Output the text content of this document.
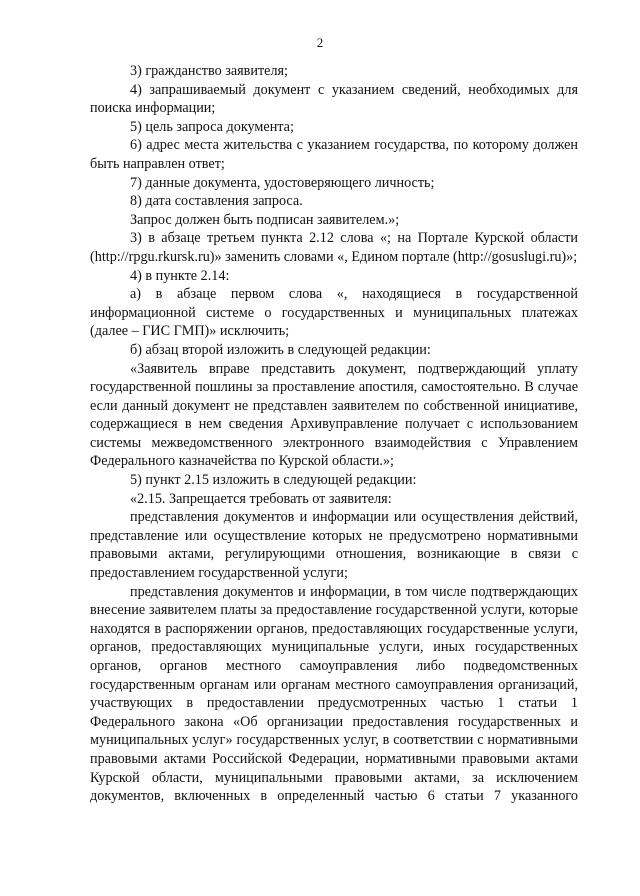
2

3) гражданство заявителя;

4) запрашиваемый документ с указанием сведений, необходимых для поиска информации;

5) цель запроса документа;

6) адрес места жительства с указанием государства, по которому должен быть направлен ответ;

7) данные документа, удостоверяющего личность;

8) дата составления запроса.

Запрос должен быть подписан заявителем.»;

3) в абзаце третьем пункта 2.12 слова «; на Портале Курской области (http://rpgu.rkursk.ru)» заменить словами «, Едином портале (http://gosuslugi.ru)»;

4) в пункте 2.14:

а) в абзаце первом слова «, находящиеся в государственной информационной системе о государственных и муниципальных платежах (далее – ГИС ГМП)» исключить;

б) абзац второй изложить в следующей редакции:

«Заявитель вправе представить документ, подтверждающий уплату государственной пошлины за проставление апостиля, самостоятельно. В случае если данный документ не представлен заявителем по собственной инициативе, содержащиеся в нем сведения Архивуправление получает с использованием системы межведомственного электронного взаимодействия с Управлением Федерального казначейства по Курской области.»;

5) пункт 2.15 изложить в следующей редакции:

«2.15. Запрещается требовать от заявителя:

представления документов и информации или осуществления действий, представление или осуществление которых не предусмотрено нормативными правовыми актами, регулирующими отношения, возникающие в связи с предоставлением государственной услуги;

представления документов и информации, в том числе подтверждающих внесение заявителем платы за предоставление государственной услуги, которые находятся в распоряжении органов, предоставляющих государственные услуги, органов, предоставляющих муниципальные услуги, иных государственных органов, органов местного самоуправления либо подведомственных государственным органам или органам местного самоуправления организаций, участвующих в предоставлении предусмотренных частью 1 статьи 1 Федерального закона «Об организации предоставления государственных и муниципальных услуг» государственных услуг, в соответствии с нормативными правовыми актами Российской Федерации, нормативными правовыми актами Курской области, муниципальными правовыми актами, за исключением документов, включенных в определенный частью 6 статьи 7 указанного
